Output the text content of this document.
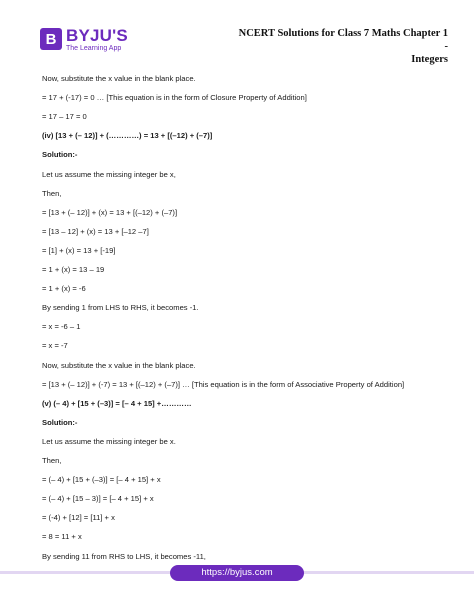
B BYJU'S
The Learning App
NCERT Solutions for Class 7 Maths Chapter 1 -
Integers
Now, substitute the x value in the blank place.
= 17 + (-17) = 0 … [This equation is in the form of Closure Property of Addition]
= 17 – 17 = 0
(iv) [13 + (– 12)] + (…………) = 13 + [(–12) + (–7)]
Solution:-
Let us assume the missing integer be x,
Then,
= [13 + (– 12)] + (x) = 13 + [(–12) + (–7)]
= [13 – 12] + (x) = 13 + [–12 –7]
= [1] + (x) = 13 + [-19]
= 1 + (x) = 13 – 19
= 1 + (x) = -6
By sending 1 from LHS to RHS, it becomes -1.
= x = -6 – 1
= x = -7
Now, substitute the x value in the blank place.
= [13 + (– 12)] + (-7) = 13 + [(–12) + (–7)] … [This equation is in the form of Associative Property of Addition]
(v) (– 4) + [15 + (–3)] = [– 4 + 15] +…………
Solution:-
Let us assume the missing integer be x.
Then,
= (– 4) + [15 + (–3)] = [– 4 + 15] + x
= (– 4) + [15 – 3)] = [– 4 + 15] + x
= (-4) + [12] = [11] + x
= 8 = 11 + x
By sending 11 from RHS to LHS, it becomes -11,
https://byjus.com
